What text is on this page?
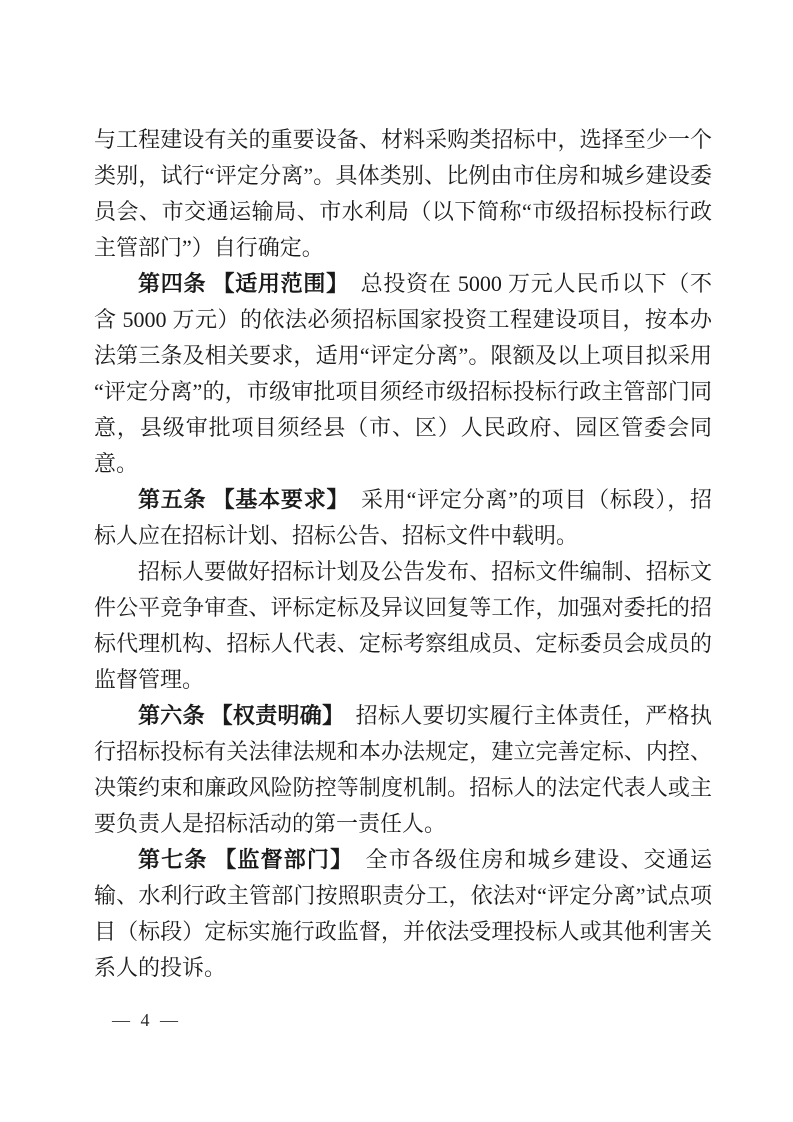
与工程建设有关的重要设备、材料采购类招标中，选择至少一个类别，试行“评定分离”。具体类别、比例由市住房和城乡建设委员会、市交通运输局、市水利局（以下简称“市级招标投标行政主管部门”）自行确定。

第四条 【适用范围】　总投资在 5000 万元人民币以下（不含 5000 万元）的依法必须招标国家投资工程建设项目，按本办法第三条及相关要求，适用“评定分离”。限额及以上项目拟采用“评定分离”的，市级审批项目须经市级招标投标行政主管部门同意，县级审批项目须经县（市、区）人民政府、园区管委会同意。

第五条 【基本要求】　采用“评定分离”的项目（标段），招标人应在招标计划、招标公告、招标文件中载明。

招标人要做好招标计划及公告发布、招标文件编制、招标文件公平竞争审查、评标定标及异议回复等工作，加强对委托的招标代理机构、招标人代表、定标考察组成员、定标委员会成员的监督管理。

第六条 【权责明确】　招标人要切实履行主体责任，严格执行招标投标有关法律法规和本办法规定，建立完善定标、内控、决策约束和廉政风险防控等制度机制。招标人的法定代表人或主要负责人是招标活动的第一责任人。

第七条 【监督部门】　全市各级住房和城乡建设、交通运输、水利行政主管部门按照职责分工，依法对“评定分离”试点项目（标段）定标实施行政监督，并依法受理投标人或其他利害关系人的投诉。

— 4 —
